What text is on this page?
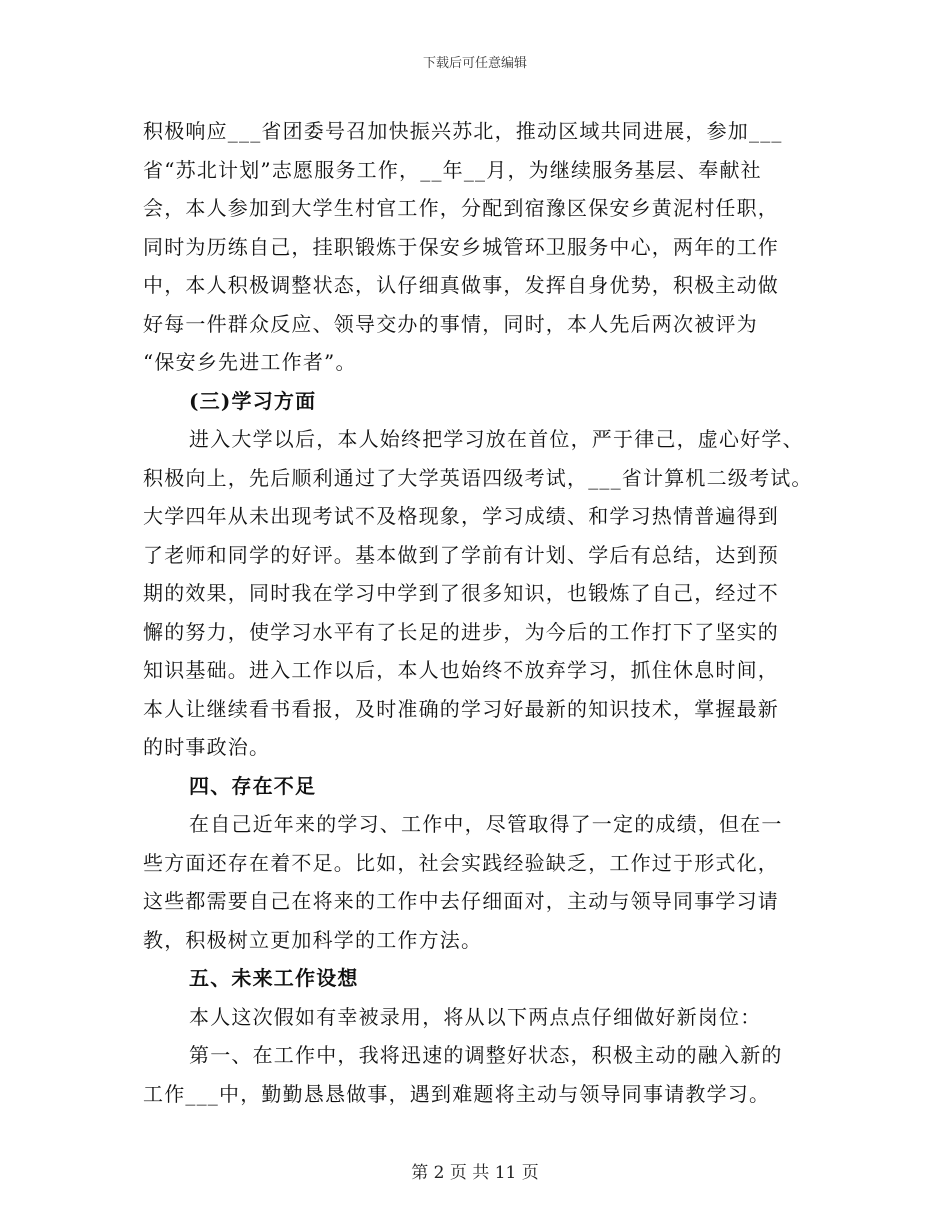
下载后可任意编辑
积极响应___省团委号召加快振兴苏北，推动区域共同进展，参加___
省“苏北计划”志愿服务工作，__年__月，为继续服务基层、奉献社
会，本人参加到大学生村官工作，分配到宿豫区保安乡黄泥村任职，
同时为历练自己，挂职锻炼于保安乡城管环卫服务中心，两年的工作
中，本人积极调整状态，认仔细真做事，发挥自身优势，积极主动做
好每一件群众反应、领导交办的事情，同时，本人先后两次被评为
“保安乡先进工作者”。
(三)学习方面
进入大学以后，本人始终把学习放在首位，严于律己，虚心好学、
积极向上，先后顺利通过了大学英语四级考试，___省计算机二级考试。
大学四年从未出现考试不及格现象，学习成绩、和学习热情普遍得到
了老师和同学的好评。基本做到了学前有计划、学后有总结，达到预
期的效果，同时我在学习中学到了很多知识，也锻炼了自己，经过不
懈的努力，使学习水平有了长足的进步，为今后的工作打下了坚实的
知识基础。进入工作以后，本人也始终不放弃学习，抓住休息时间，
本人让继续看书看报，及时准确的学习好最新的知识技术，掌握最新
的时事政治。
四、存在不足
在自己近年来的学习、工作中，尽管取得了一定的成绩，但在一
些方面还存在着不足。比如，社会实践经验缺乏，工作过于形式化，
这些都需要自己在将来的工作中去仔细面对，主动与领导同事学习请
教，积极树立更加科学的工作方法。
五、未来工作设想
本人这次假如有幸被录用，将从以下两点点仔细做好新岗位：
第一、在工作中，我将迅速的调整好状态，积极主动的融入新的
工作___中，勤勤恳恳做事，遇到难题将主动与领导同事请教学习。
第 2 页 共 11 页
